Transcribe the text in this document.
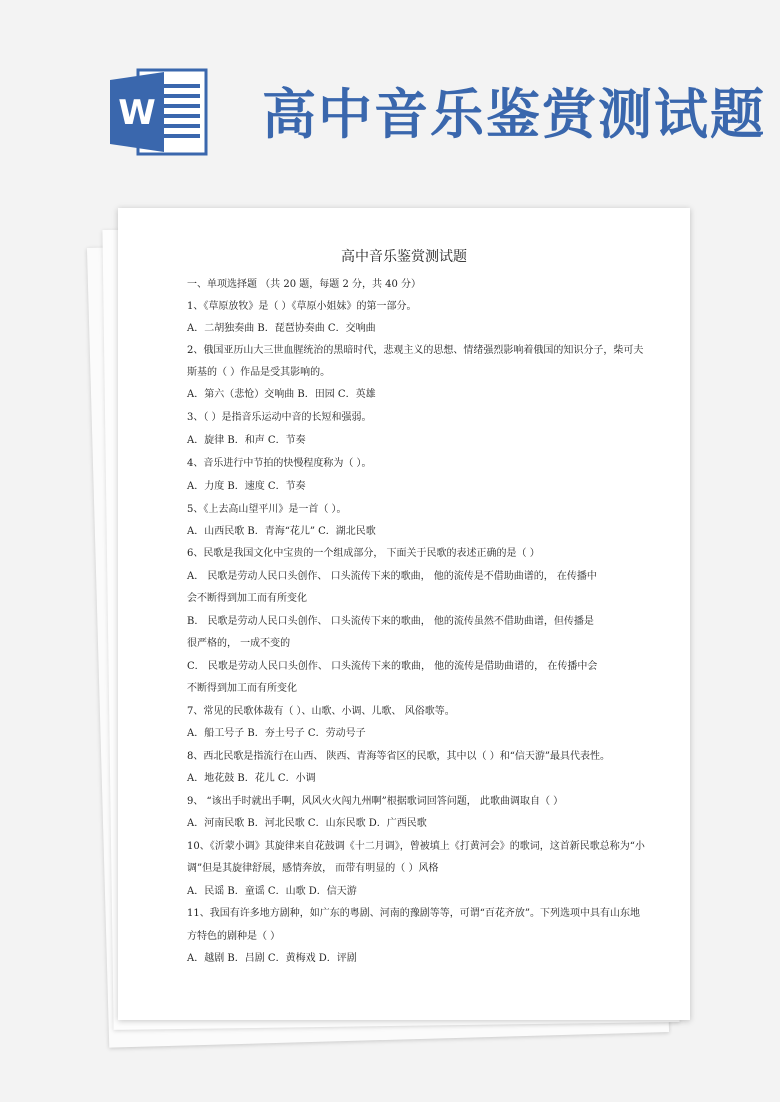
W 高中音乐鉴赏测试题
高中音乐鉴赏测试题
一、单项选择题 （共 20 题，每题 2 分，共 40 分）
1、《草原放牧》是（ ）《草原小姐妹》的第一部分。
A．二胡独奏曲 B．琵琶协奏曲 C．交响曲
2、俄国亚历山大三世血腥统治的黑暗时代，悲观主义的思想、情绪强烈影响着俄国的知识分子，柴可夫
斯基的（ ）作品是受其影响的。
A．第六（悲怆）交响曲 B．田园 C．英雄
3、（ ）是指音乐运动中音的长短和强弱。
A．旋律 B．和声 C．节奏
4、音乐进行中节拍的快慢程度称为（ ）。
A．力度 B．速度 C．节奏
5、《上去高山望平川》是一首（ ）。
A．山西民歌 B．青海“花儿” C．湖北民歌
6、民歌是我国文化中宝贵的一个组成部分， 下面关于民歌的表述正确的是（ ）
A． 民歌是劳动人民口头创作、 口头流传下来的歌曲， 他的流传是不借助曲谱的， 在传播中
会不断得到加工而有所变化
B． 民歌是劳动人民口头创作、 口头流传下来的歌曲， 他的流传虽然不借助曲谱，但传播是
很严格的， 一成不变的
C． 民歌是劳动人民口头创作、 口头流传下来的歌曲， 他的流传是借助曲谱的， 在传播中会
不断得到加工而有所变化
7、常见的民歌体裁有（ ）、山歌、小调、儿歌、 风俗歌等。
A．船工号子 B．夯土号子 C．劳动号子
8、西北民歌是指流行在山西、 陕西、青海等省区的民歌，其中以（ ）和“信天游”最具代表性。
A．地花鼓 B．花儿 C．小调
9、 “该出手时就出手啊，风风火火闯九州啊”根据歌词回答问题， 此歌曲调取自（ ）
A．河南民歌 B．河北民歌 C．山东民歌 D．广西民歌
10、《沂蒙小调》其旋律来自花鼓调《十二月调》，曾被填上《打黄河会》的歌词，这首新民歌总称为“小
调”但是其旋律舒展，感情奔放， 而带有明显的（ ）风格
A．民谣 B．童谣 C．山歌 D．信天游
11、我国有许多地方剧种，如广东的粤剧、河南的豫剧等等，可谓“百花齐放”。下列选项中具有山东地
方特色的剧种是（ ）
A．越剧 B．吕剧 C．黄梅戏 D．评剧
